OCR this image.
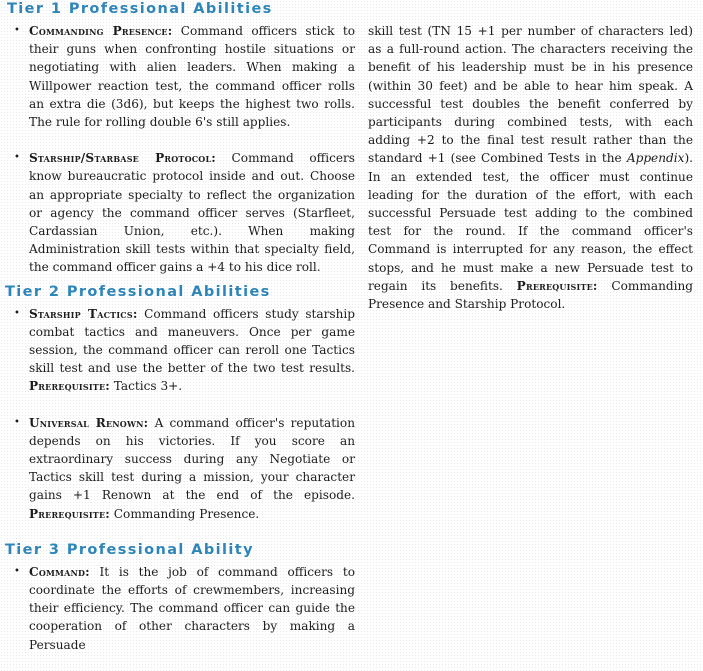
Tier 1 Professional Abilities
• Commanding Presence: Command officers stick to their guns when confronting hostile situations or negotiating with alien leaders. When making a Willpower reaction test, the command officer rolls an extra die (3d6), but keeps the highest two rolls. The rule for rolling double 6's still applies.
• Starship/Starbase Protocol: Command officers know bureaucratic protocol inside and out. Choose an appropriate specialty to reflect the organization or agency the command officer serves (Starfleet, Cardassian Union, etc.). When making Administration skill tests within that specialty field, the command officer gains a +4 to his dice roll.
Tier 2 Professional Abilities
• Starship Tactics: Command officers study starship combat tactics and maneuvers. Once per game session, the command officer can reroll one Tactics skill test and use the better of the two test results. Prerequisite: Tactics 3+.
• Universal Renown: A command officer's reputation depends on his victories. If you score an extraordinary success during any Negotiate or Tactics skill test during a mission, your character gains +1 Renown at the end of the episode. Prerequisite: Commanding Presence.
Tier 3 Professional Ability
• Command: It is the job of command officers to coordinate the efforts of crewmembers, increasing their efficiency. The command officer can guide the cooperation of other characters by making a Persuade

skill test (TN 15 +1 per number of characters led) as a full-round action. The characters receiving the benefit of his leadership must be in his presence (within 30 feet) and be able to hear him speak. A successful test doubles the benefit conferred by participants during combined tests, with each adding +2 to the final test result rather than the standard +1 (see Combined Tests in the Appendix). In an extended test, the officer must continue leading for the duration of the effort, with each successful Persuade test adding to the combined test for the round. If the command officer's Command is interrupted for any reason, the effect stops, and he must make a new Persuade test to regain its benefits. Prerequisite: Commanding Presence and Starship Protocol.
